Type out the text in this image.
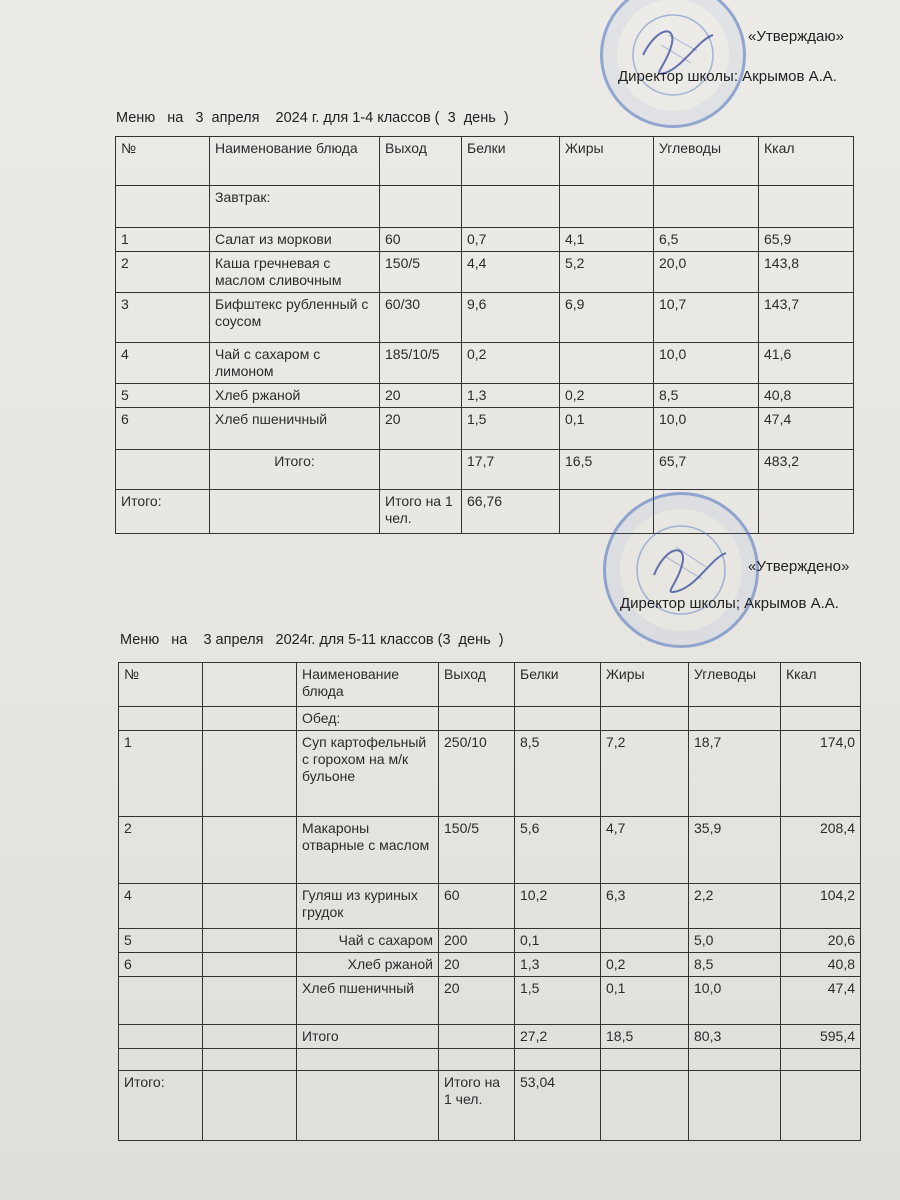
«Утверждаю»
Директор школы: Акрымов А.А.
Меню   на   3  апреля    2024 г. для 1-4 классов (  3  день  )
№	Наименование блюда	Выход	Белки	Жиры	Углеводы	Ккал
	Завтрак:					
1	Салат из моркови	60	0,7	4,1	6,5	65,9
2	Каша гречневая с маслом сливочным	150/5	4,4	5,2	20,0	143,8
3	Бифштекс рубленный с соусом	60/30	9,6	6,9	10,7	143,7
4	Чай с сахаром с лимоном	185/10/5	0,2		10,0	41,6
5	Хлеб ржаной	20	1,3	0,2	8,5	40,8
6	Хлеб пшеничный	20	1,5	0,1	10,0	47,4
	Итого:		17,7	16,5	65,7	483,2
Итого:		Итого на 1 чел.	66,76			
«Утверждено»
Директор школы; Акрымов А.А.
Меню   на    3 апреля   2024г. для 5-11 классов (3  день  )
№		Наименование блюда	Выход	Белки	Жиры	Углеводы	Ккал
		Обед:					
1		Суп картофельный с горохом на м/к бульоне	250/10	8,5	7,2	18,7	174,0
2		Макароны отварные с маслом	150/5	5,6	4,7	35,9	208,4
4		Гуляш из куриных грудок	60	10,2	6,3	2,2	104,2
5		Чай с сахаром	200	0,1		5,0	20,6
6		Хлеб ржаной	20	1,3	0,2	8,5	40,8
		Хлеб пшеничный	20	1,5	0,1	10,0	47,4
		Итого		27,2	18,5	80,3	595,4

Итого:			Итого на 1 чел.	53,04			
